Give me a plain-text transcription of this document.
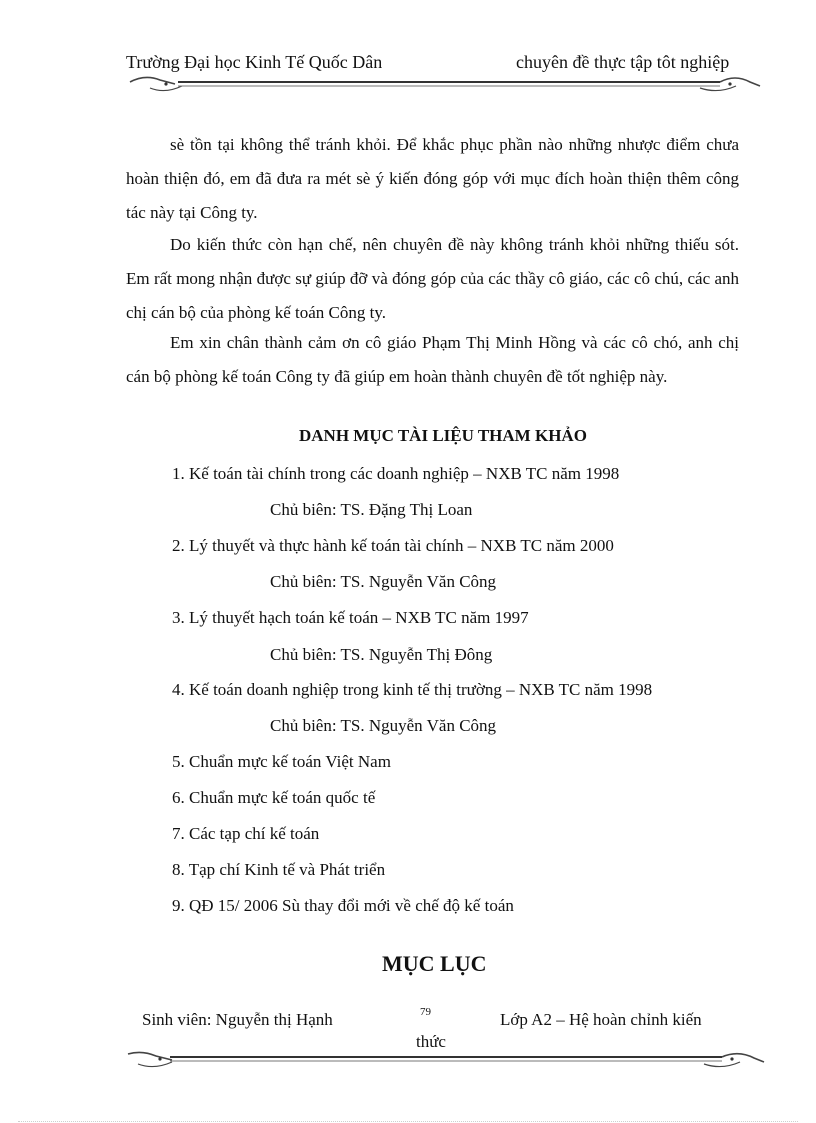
Trường Đại học Kinh Tế Quốc Dân	chuyên đề thực tập tôt nghiệp
sè tồn tại không thể tránh khỏi. Để khắc phục phần nào những nhược điểm chưa hoàn thiện đó, em đã đưa ra mét sè ý kiến đóng góp với mục đích hoàn thiện thêm công tác này tại Công ty.
Do kiến thức còn hạn chế, nên chuyên đề này không tránh khỏi những thiếu sót. Em rất mong nhận được sự giúp đỡ và đóng góp của các thầy cô giáo, các cô chú, các anh chị cán bộ của phòng kế toán Công ty.
Em xin chân thành cảm ơn cô giáo Phạm Thị Minh Hồng và các cô chó, anh chị cán bộ phòng kế toán Công ty đã giúp em hoàn thành chuyên đề tốt nghiệp này.
DANH MỤC TÀI LIỆU THAM KHẢO
1. Kế toán tài chính trong các doanh nghiệp – NXB TC năm 1998
Chủ biên: TS. Đặng Thị Loan
2. Lý thuyết và thực hành kế toán tài chính – NXB TC năm 2000
Chủ biên: TS. Nguyễn Văn Công
3. Lý thuyết hạch toán kế toán – NXB TC năm 1997
Chủ biên: TS. Nguyễn Thị Đông
4. Kế toán doanh nghiệp trong kinh tế thị trường – NXB TC năm 1998
Chủ biên: TS. Nguyễn Văn Công
5. Chuẩn mực kế toán Việt Nam
6. Chuẩn mực kế toán quốc tế
7. Các tạp chí kế toán
8. Tạp chí Kinh tế và Phát triển
9. QĐ 15/ 2006 Sù thay đổi mới về chế độ kế toán
MỤC LỤC
Sinh viên: Nguyễn thị Hạnh	79	Lớp A2 – Hệ hoàn chỉnh kiến
thức
